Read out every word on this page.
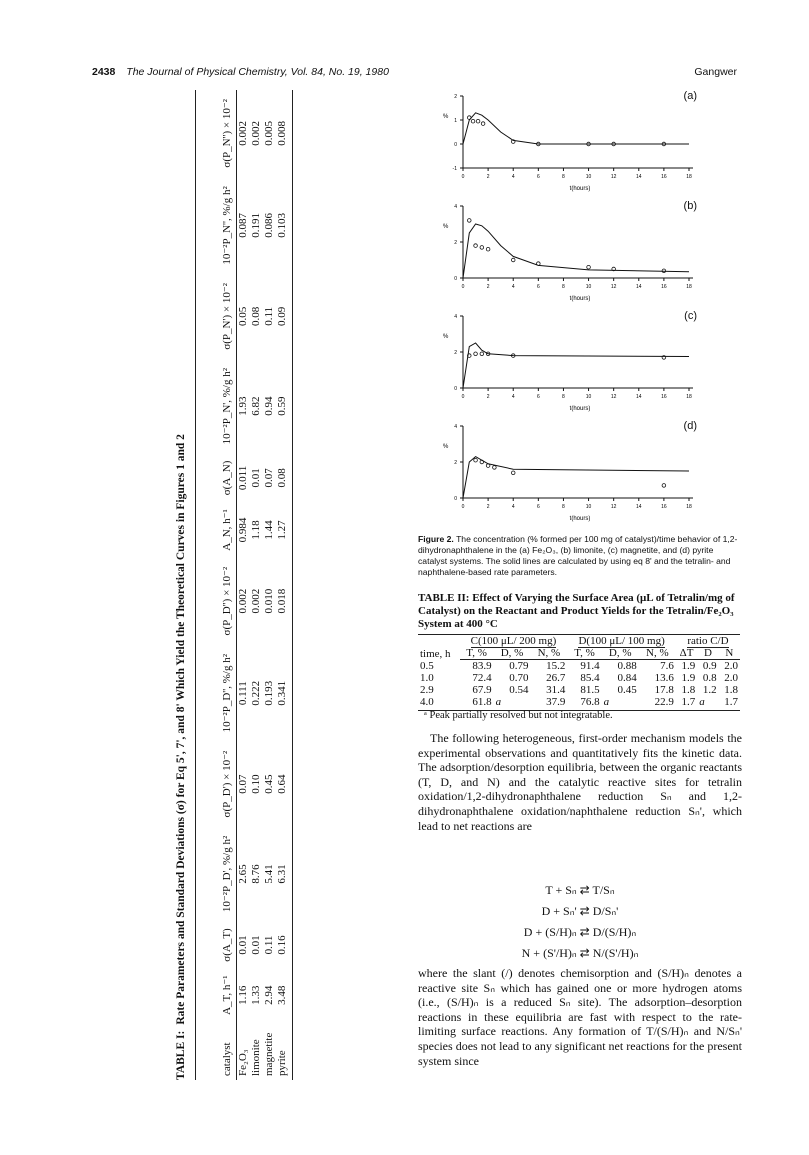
2438 The Journal of Physical Chemistry, Vol. 84, No. 19, 1980	Gangwer
TABLE I:Rate Parameters and Standard Deviations (σ) for Eq 5', 7', and 8' Which Yield the Theoretical Curves in Figures 1 and 2
catalyst	A_T, h⁻¹	σ(A_T)	10⁻²P_D', %/g h²	σ(P_D') × 10⁻²	10⁻²P_D'', %/g h²	σ(P_D'') × 10⁻²	A_N, h⁻¹	σ(A_N)	10⁻²P_N', %/g h²	σ(P_N') × 10⁻²	10⁻²P_N'', %/g h²	σ(P_N'') × 10⁻²
Fe₂O₃	1.16	0.01	2.65	0.07	0.111	0.002	0.984	0.011	1.93	0.05	0.087	0.002
limonite	1.33	0.01	8.76	0.10	0.222	0.002	1.18	0.01	6.82	0.08	0.191	0.002
magnetite	2.94	0.11	5.41	0.45	0.193	0.010	1.44	0.07	0.94	0.11	0.086	0.005
pyrite	3.48	0.16	6.31	0.64	0.341	0.018	1.27	0.08	0.59	0.09	0.103	0.008
0	2	4	6	8	10	12	14	16	18
t(hours)
2
1
0
-1
%
(a)
0	2	4	6	8	10	12	14	16	18
t(hours)
4
2
0
%
(b)
0	2	4	6	8	10	12	14	16	18
t(hours)
4
2
0
%
(c)
0	2	4	6	8	10	12	14	16	18
t(hours)
4
2
0
%
(d)
Figure 2. The concentration (% formed per 100 mg of catalyst)/time behavior of 1,2-dihydronaphthalene in the (a) Fe₂O₃, (b) limonite, (c) magnetite, and (d) pyrite catalyst systems. The solid lines are calculated by using eq 8' and the tetralin- and naphthalene-based rate parameters.
TABLE II: Effect of Varying the Surface Area (μL of Tetralin/mg of Catalyst) on the Reactant and Product Yields for the Tetralin/Fe₂O₃ System at 400 °C
time, h	C(100 μL/ 200 mg)			D(100 μL/ 100 mg)			ratio C/D		
	T, %	D, %	N, %	T, %	D, %	N, %	ΔT	D	N
0.5	83.9	0.79	15.2	91.4	0.88	7.6	1.9	0.9	2.0
1.0	72.4	0.70	26.7	85.4	0.84	13.6	1.9	0.8	2.0
2.9	67.9	0.54	31.4	81.5	0.45	17.8	1.8	1.2	1.8
4.0	61.8	a	37.9	76.8	a	22.9	1.7	a	1.7
ᵃ Peak partially resolved but not integratable.

The following heterogeneous, first-order mechanism models the experimental observations and quantitatively fits the kinetic data. The adsorption/desorption equilibria, between the organic reactants (T, D, and N) and the catalytic reactive sites for tetralin oxidation/1,2-dihydronaphthalene reduction Sₙ and 1,2-dihydronaphthalene oxidation/naphthalene reduction Sₙ', which lead to net reactions are

T + Sₙ ⇄ T/Sₙ
D + Sₙ' ⇄ D/Sₙ'
D + (S/H)ₙ ⇄ D/(S/H)ₙ
N + (S'/H)ₙ ⇄ N/(S'/H)ₙ
where the slant (/) denotes chemisorption and (S/H)ₙ denotes a reactive site Sₙ which has gained one or more hydrogen atoms (i.e., (S/H)ₙ is a reduced Sₙ site). The adsorption–desorption reactions in these equilibria are fast with respect to the rate-limiting surface reactions. Any formation of T/(S/H)ₙ and N/Sₙ' species does not lead to any significant net reactions for the present system since
